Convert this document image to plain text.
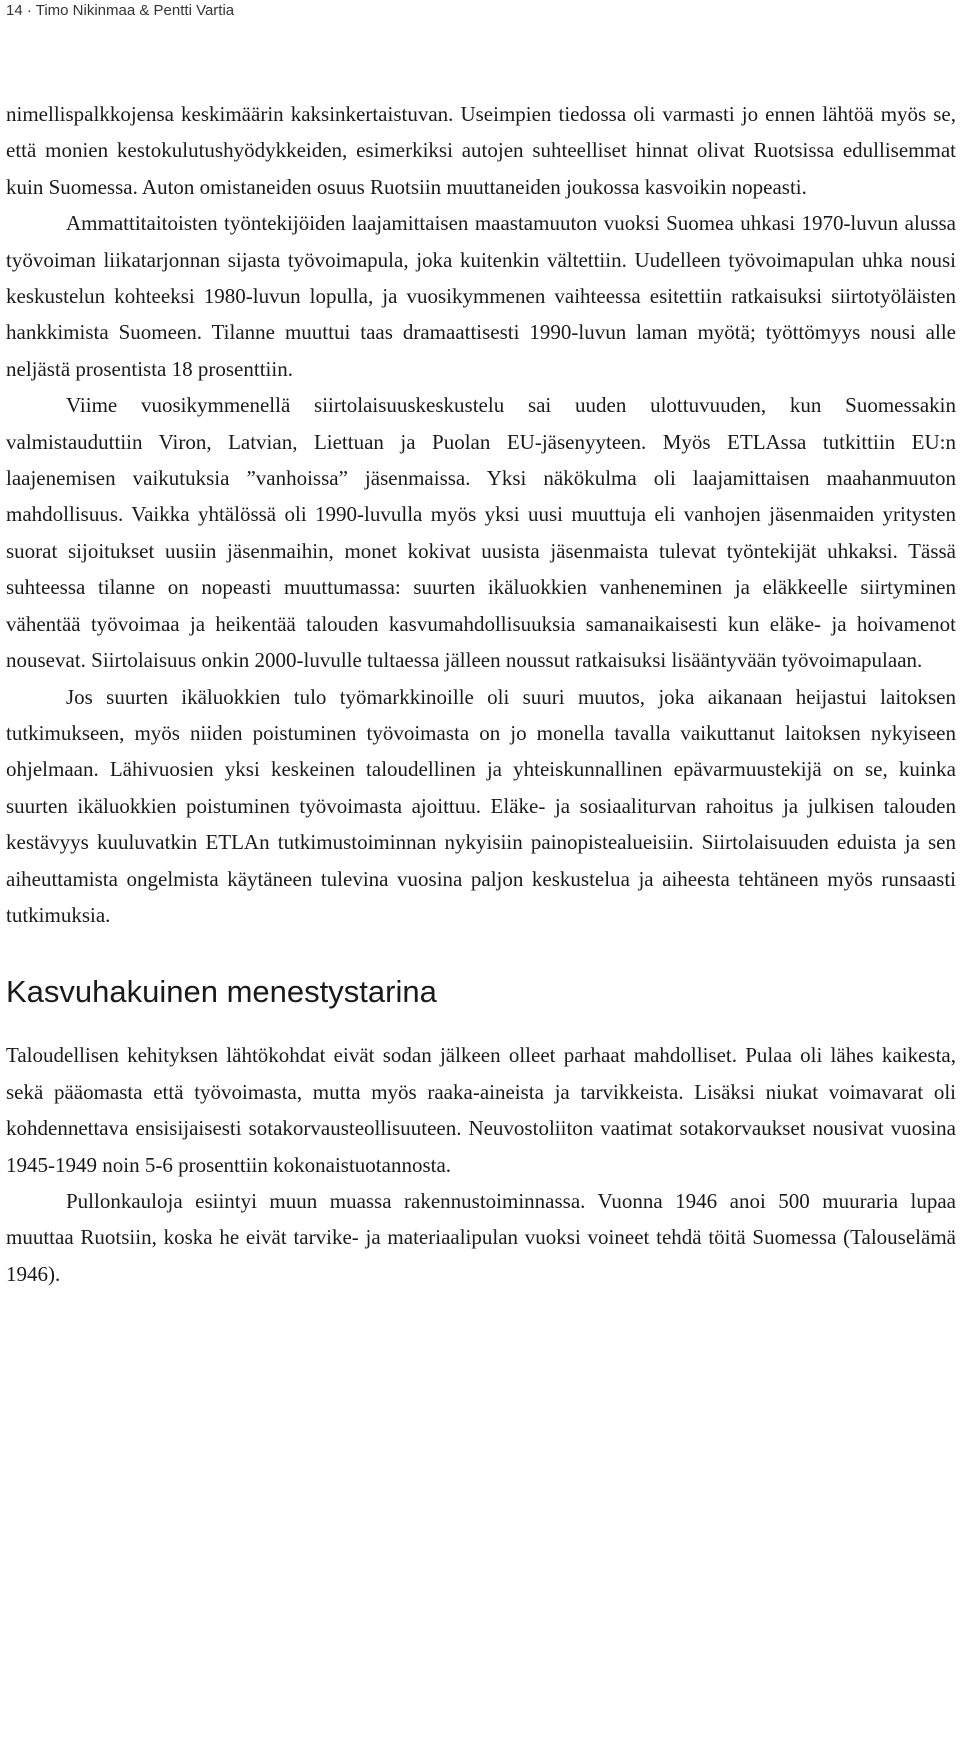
14 · Timo Nikinmaa & Pentti Vartia

nimellispalkkojensa keskimäärin kaksinkertaistuvan. Useimpien tiedossa oli varmasti jo ennen lähtöä myös se, että monien kestokulutushyödykkeiden, esimerkiksi autojen suhteelliset hinnat olivat Ruotsissa edullisemmat kuin Suomessa. Auton omistaneiden osuus Ruotsiin muuttaneiden joukossa kasvoikin nopeasti.

Ammattitaitoisten työntekijöiden laajamittaisen maastamuuton vuoksi Suomea uhkasi 1970-luvun alussa työvoiman liikatarjonnan sijasta työvoimapula, joka kuitenkin vältettiin. Uudelleen työvoimapulan uhka nousi keskustelun kohteeksi 1980-luvun lopulla, ja vuosikymmenen vaihteessa esitettiin ratkaisuksi siirtotyöläisten hankkimista Suomeen. Tilanne muuttui taas dramaattisesti 1990-luvun laman myötä; työttömyys nousi alle neljästä prosentista 18 prosenttiin.

Viime vuosikymmenellä siirtolaisuuskeskustelu sai uuden ulottuvuuden, kun Suomessakin valmistauduttiin Viron, Latvian, Liettuan ja Puolan EU-jäsenyyteen. Myös ETLAssa tutkittiin EU:n laajenemisen vaikutuksia ”vanhoissa” jäsenmaissa. Yksi näkökulma oli laajamittaisen maahanmuuton mahdollisuus. Vaikka yhtälössä oli 1990-luvulla myös yksi uusi muuttuja eli vanhojen jäsenmaiden yritysten suorat sijoitukset uusiin jäsenmaihin, monet kokivat uusista jäsenmaista tulevat työntekijät uhkaksi. Tässä suhteessa tilanne on nopeasti muuttumassa: suurten ikäluokkien vanheneminen ja eläkkeelle siirtyminen vähentää työvoimaa ja heikentää talouden kasvumahdollisuuksia samanaikaisesti kun eläke- ja hoivamenot nousevat. Siirtolaisuus onkin 2000-luvulle tultaessa jälleen noussut ratkaisuksi lisääntyvään työvoimapulaan.

Jos suurten ikäluokkien tulo työmarkkinoille oli suuri muutos, joka aikanaan heijastui laitoksen tutkimukseen, myös niiden poistuminen työvoimasta on jo monella tavalla vaikuttanut laitoksen nykyiseen ohjelmaan. Lähivuosien yksi keskeinen taloudellinen ja yhteiskunnallinen epävarmuustekijä on se, kuinka suurten ikäluokkien poistuminen työvoimasta ajoittuu. Eläke- ja sosiaaliturvan rahoitus ja julkisen talouden kestävyys kuuluvatkin ETLAn tutkimustoiminnan nykyisiin painopistealueisiin. Siirtolaisuuden eduista ja sen aiheuttamista ongelmista käytäneen tulevina vuosina paljon keskustelua ja aiheesta tehtäneen myös runsaasti tutkimuksia.

Kasvuhakuinen menestystarina

Taloudellisen kehityksen lähtökohdat eivät sodan jälkeen olleet parhaat mahdolliset. Pulaa oli lähes kaikesta, sekä pääomasta että työvoimasta, mutta myös raaka-aineista ja tarvikkeista. Lisäksi niukat voimavarat oli kohdennettava ensisijaisesti sotakorvausteollisuuteen. Neuvostoliiton vaatimat sotakorvaukset nousivat vuosina 1945-1949 noin 5-6 prosenttiin kokonaistuotannosta.

Pullonkauloja esiintyi muun muassa rakennustoiminnassa. Vuonna 1946 anoi 500 muuraria lupaa muuttaa Ruotsiin, koska he eivät tarvike- ja materiaalipulan vuoksi voineet tehdä töitä Suomessa (Talouselämä 1946).
